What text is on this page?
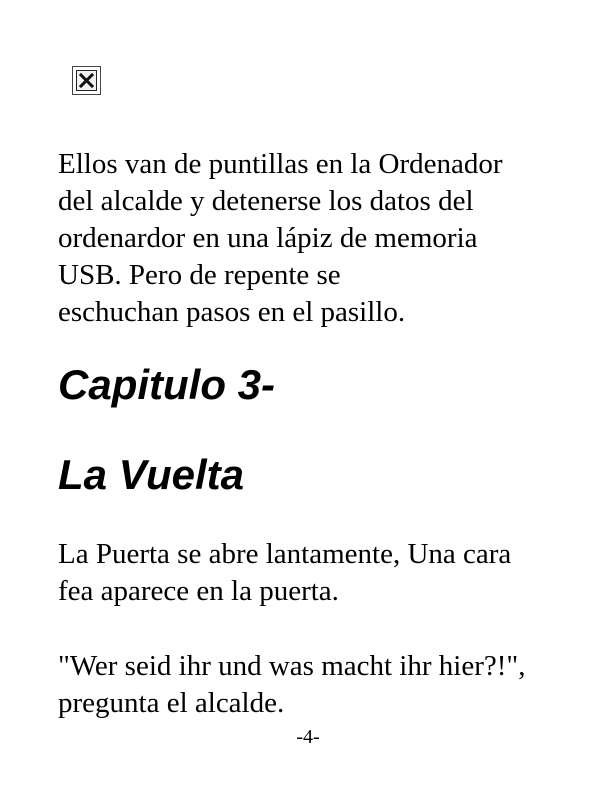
Ellos van de puntillas en la Ordenador
del alcalde y detenerse los datos del
ordenardor en una lápiz de memoria
USB. Pero de repente se
eschuchan pasos en el pasillo.

Capitulo 3-
La Vuelta

La Puerta se abre lantamente, Una cara
fea aparece en la puerta.

"Wer seid ihr und was macht ihr hier?!",
pregunta el alcalde.

-4-
